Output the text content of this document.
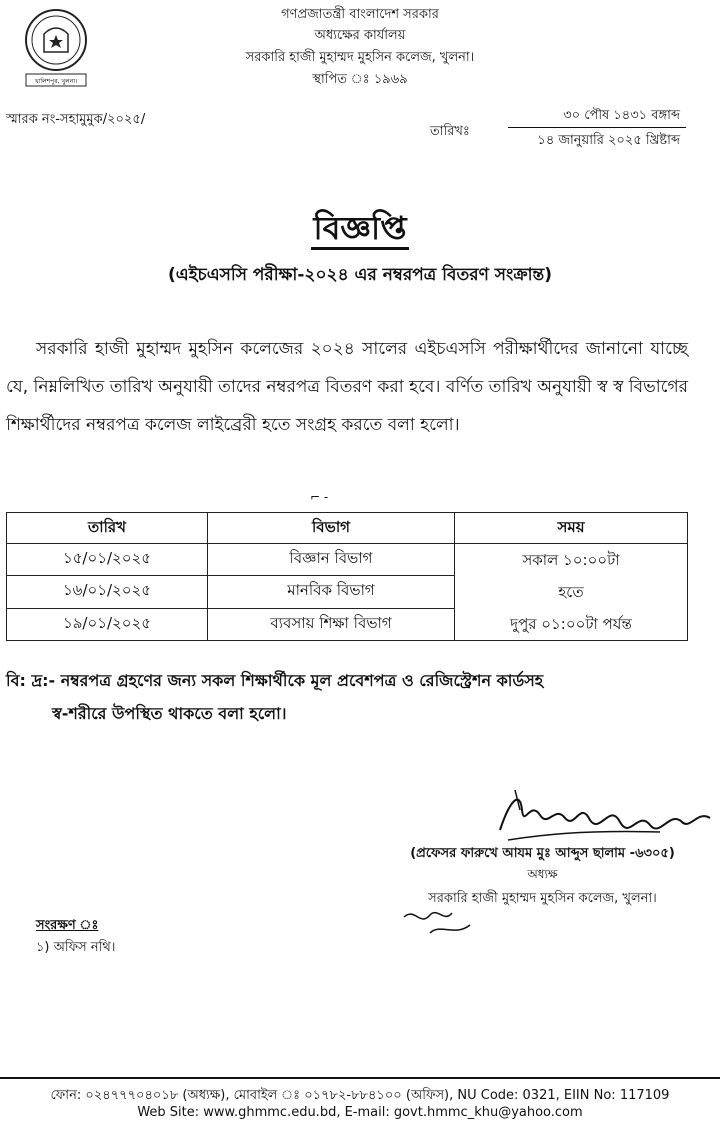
খালিশপুর, খুলনা।
গণপ্রজাতন্ত্রী বাংলাদেশ সরকার
অধ্যক্ষের কার্যালয়
সরকারি হাজী মুহাম্মদ মুহসিন কলেজ, খুলনা।
স্থাপিত ঃ ১৯৬৯
স্মারক নং-সহামুমুক/২০২৫/
তারিখঃ
৩০ পৌষ ১৪৩১ বঙ্গাব্দ
১৪ জানুয়ারি ২০২৫ খ্রিষ্টাব্দ
বিজ্ঞপ্তি
(এইচএসসি পরীক্ষা-২০২৪ এর নম্বরপত্র বিতরণ সংক্রান্ত)
সরকারি হাজী মুহাম্মদ মুহসিন কলেজের ২০২৪ সালের এইচএসসি পরীক্ষার্থীদের জানানো যাচ্ছে যে, নিম্নলিখিত তারিখ অনুযায়ী তাদের নম্বরপত্র বিতরণ করা হবে। বর্ণিত তারিখ অনুযায়ী স্ব স্ব বিভাগের শিক্ষার্থীদের নম্বরপত্র কলেজ লাইব্রেরী হতে সংগ্রহ করতে বলা হলো।
⌐ -
তারিখ	বিভাগ	সময়
১৫/০১/২০২৫	বিজ্ঞান বিভাগ	সকাল ১০:০০টা
হতে
দুপুর ০১:০০টা পর্যন্ত

১৬/০১/২০২৫	মানবিক বিভাগ	
১৯/০১/২০২৫	ব্যবসায় শিক্ষা বিভাগ	
বি: দ্র:- নম্বরপত্র গ্রহণের জন্য সকল শিক্ষার্থীকে মূল প্রবেশপত্র ও রেজিস্ট্রেশন কার্ডসহ
স্ব-শরীরে উপস্থিত থাকতে বলা হলো।
(প্রফেসর ফারুখে আযম মুঃ আব্দুস ছালাম -৬৩০৫)
অধ্যক্ষ
সরকারি হাজী মুহাম্মদ মুহসিন কলেজ, খুলনা।
সংরক্ষণ ঃ
১) অফিস নথি।
ফোন: ০২৪৭৭৭০৪০১৮ (অধ্যক্ষ), মোবাইল ঃ ০১৭৮২-৮৮৪১০০ (অফিস), NU Code: 0321, EIIN No: 117109
Web Site: www.ghmmc.edu.bd, E-mail: govt.hmmc_khu@yahoo.com
